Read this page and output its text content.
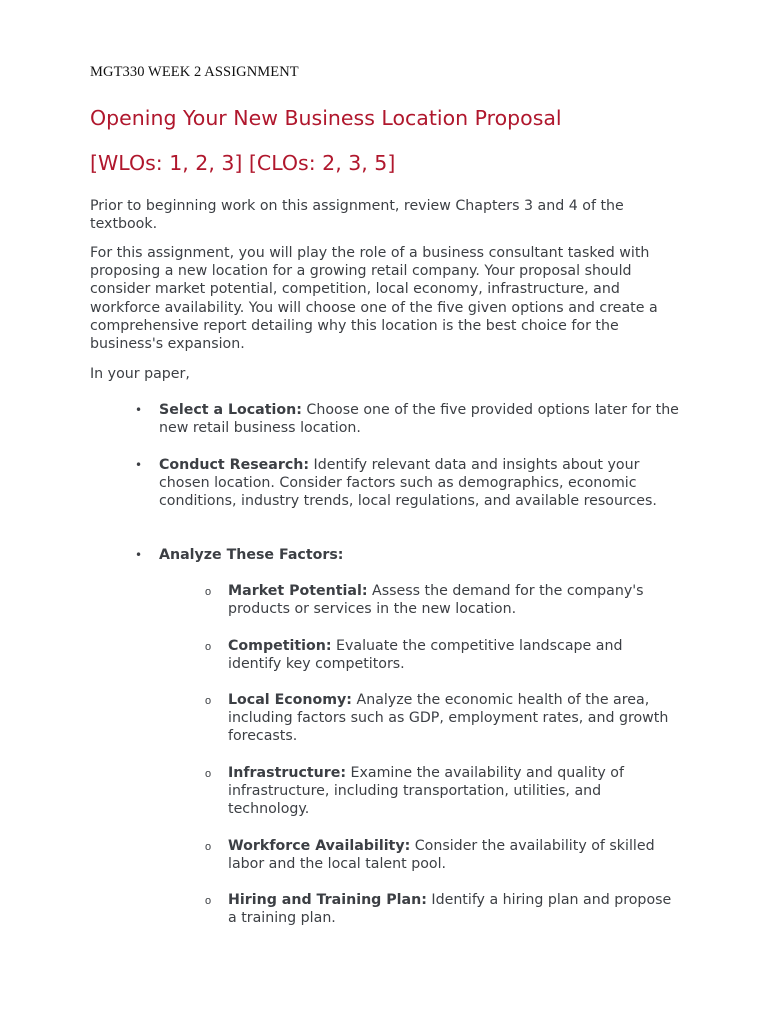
MGT330 WEEK 2 ASSIGNMENT
Opening Your New Business Location Proposal
[WLOs: 1, 2, 3] [CLOs: 2, 3, 5]

Prior to beginning work on this assignment, review Chapters 3 and 4 of the textbook.

For this assignment, you will play the role of a business consultant tasked with proposing a new location for a growing retail company. Your proposal should consider market potential, competition, local economy, infrastructure, and workforce availability. You will choose one of the five given options and create a comprehensive report detailing why this location is the best choice for the business's expansion.

In your paper,

• Select a Location: Choose one of the five provided options later for the new retail business location.
• Conduct Research: Identify relevant data and insights about your chosen location. Consider factors such as demographics, economic conditions, industry trends, local regulations, and available resources.
• Analyze These Factors:
o Market Potential: Assess the demand for the company's products or services in the new location.
o Competition: Evaluate the competitive landscape and identify key competitors.
o Local Economy: Analyze the economic health of the area, including factors such as GDP, employment rates, and growth forecasts.
o Infrastructure: Examine the availability and quality of infrastructure, including transportation, utilities, and technology.
o Workforce Availability: Consider the availability of skilled labor and the local talent pool.
o Hiring and Training Plan: Identify a hiring plan and propose a training plan.
